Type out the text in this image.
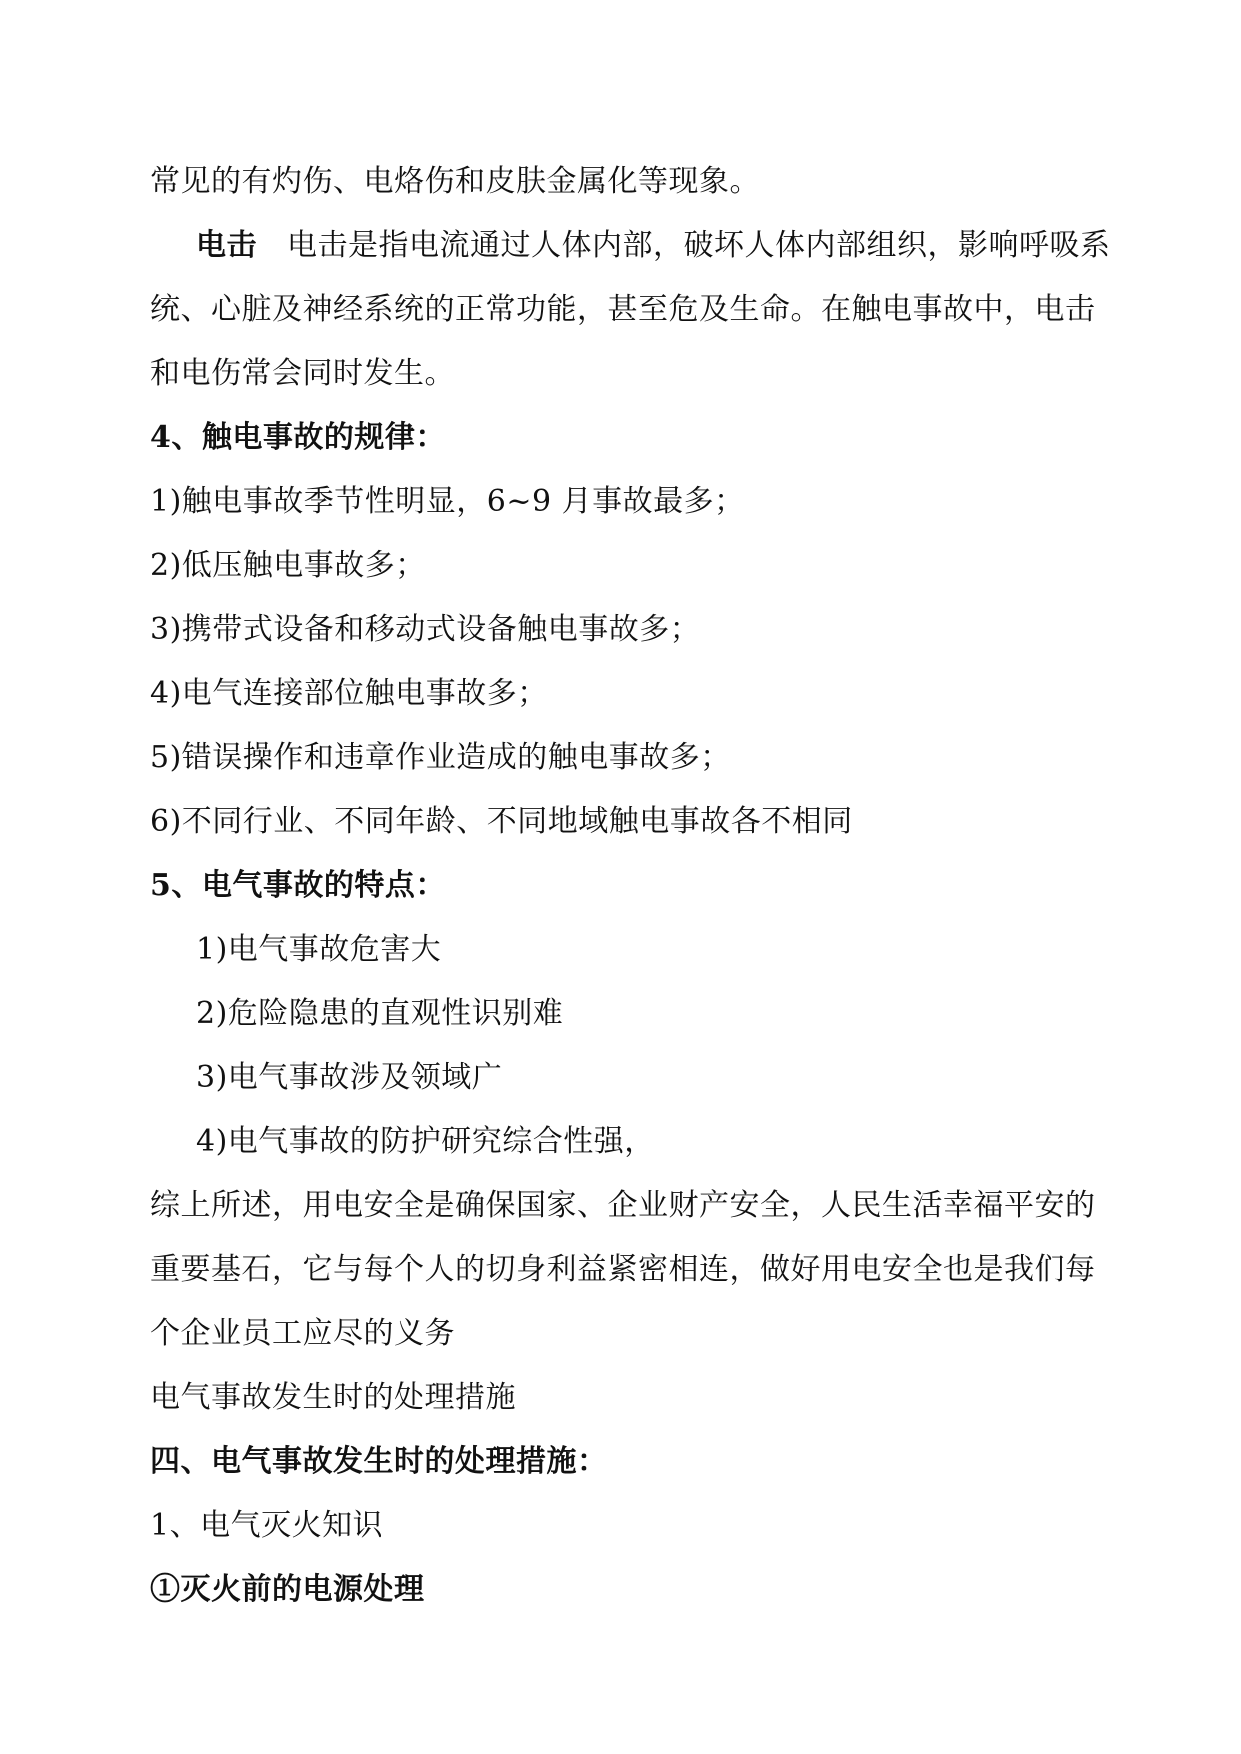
常见的有灼伤、电烙伤和皮肤金属化等现象。
电击 电击是指电流通过人体内部，破坏人体内部组织，影响呼吸系
统、心脏及神经系统的正常功能，甚至危及生命。在触电事故中，电击
和电伤常会同时发生。
4、触电事故的规律：
1)触电事故季节性明显，6~9 月事故最多；
2)低压触电事故多；
3)携带式设备和移动式设备触电事故多；
4)电气连接部位触电事故多；
5)错误操作和违章作业造成的触电事故多；
6)不同行业、不同年龄、不同地域触电事故各不相同
5、电气事故的特点：
1)电气事故危害大
2)危险隐患的直观性识别难
3)电气事故涉及领域广
4)电气事故的防护研究综合性强，
综上所述，用电安全是确保国家、企业财产安全，人民生活幸福平安的
重要基石，它与每个人的切身利益紧密相连，做好用电安全也是我们每
个企业员工应尽的义务
电气事故发生时的处理措施
四、电气事故发生时的处理措施：
1、电气灭火知识
①灭火前的电源处理
